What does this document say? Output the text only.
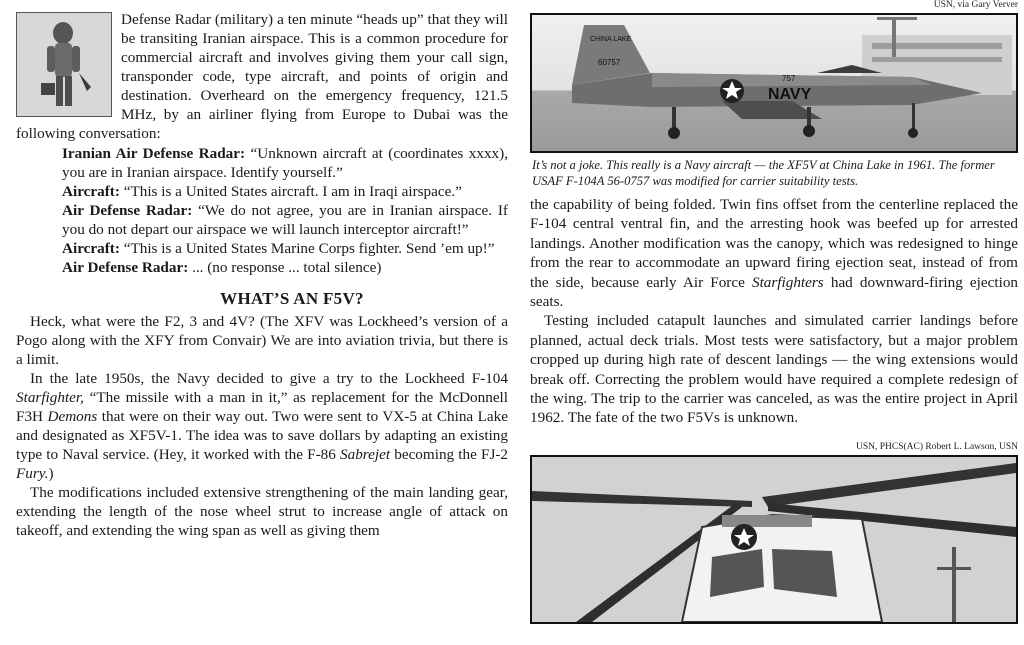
Defense Radar (military) a ten minute “heads up” that they will be transiting Iranian airspace. This is a common procedure for commercial aircraft and involves giving them your call sign, transponder code, type aircraft, and points of origin and destination. Overheard on the emergency frequency, 121.5 MHz, by an airliner flying from Europe to Dubai was the following conversation:

Iranian Air Defense Radar: “Unknown aircraft at (coordinates xxxx), you are in Iranian airspace. Identify yourself.”

Aircraft: “This is a United States aircraft. I am in Iraqi airspace.”

Air Defense Radar: “We do not agree, you are in Iranian airspace. If you do not depart our airspace we will launch interceptor aircraft!”

Aircraft: “This is a United States Marine Corps fighter. Send ’em up!”

Air Defense Radar: ... (no response ... total silence)

WHAT’S AN F5V?

Heck, what were the F2, 3 and 4V? (The XFV was Lockheed’s version of a Pogo along with the XFY from Convair) We are into aviation trivia, but there is a limit.

In the late 1950s, the Navy decided to give a try to the Lockheed F-104 Starfighter, “The missile with a man in it,” as replacement for the McDonnell F3H Demons that were on their way out. Two were sent to VX-5 at China Lake and designated as XF5V-1. The idea was to save dollars by adapting an existing type to Naval service. (Hey, it worked with the F-86 Sabrejet becoming the FJ-2 Fury.)

The modifications included extensive strengthening of the main landing gear, extending the length of the nose wheel strut to increase angle of attack on takeoff, and extending the wing span as well as giving them

USN, via Gary Verver
NAVY
CHINA LAKE
60757
757

It’s not a joke. This really is a Navy aircraft — the XF5V at China Lake in 1961. The former USAF F-104A 56-0757 was modified for carrier suitability tests.

the capability of being folded. Twin fins offset from the centerline replaced the F-104 central ventral fin, and the arresting hook was beefed up for arrested landings. Another modification was the canopy, which was redesigned to hinge from the rear to accommodate an upward firing ejection seat, instead of from the side, because early Air Force Starfighters had downward-firing ejection seats.

Testing included catapult launches and simulated carrier landings before planned, actual deck trials. Most tests were satisfactory, but a major problem cropped up during high rate of descent landings — the wing extensions would break off. Correcting the problem would have required a complete redesign of the wing. The trip to the carrier was canceled, as was the entire project in April 1962. The fate of the two F5Vs is unknown.

USN, PHCS(AC) Robert L. Lawson, USN
